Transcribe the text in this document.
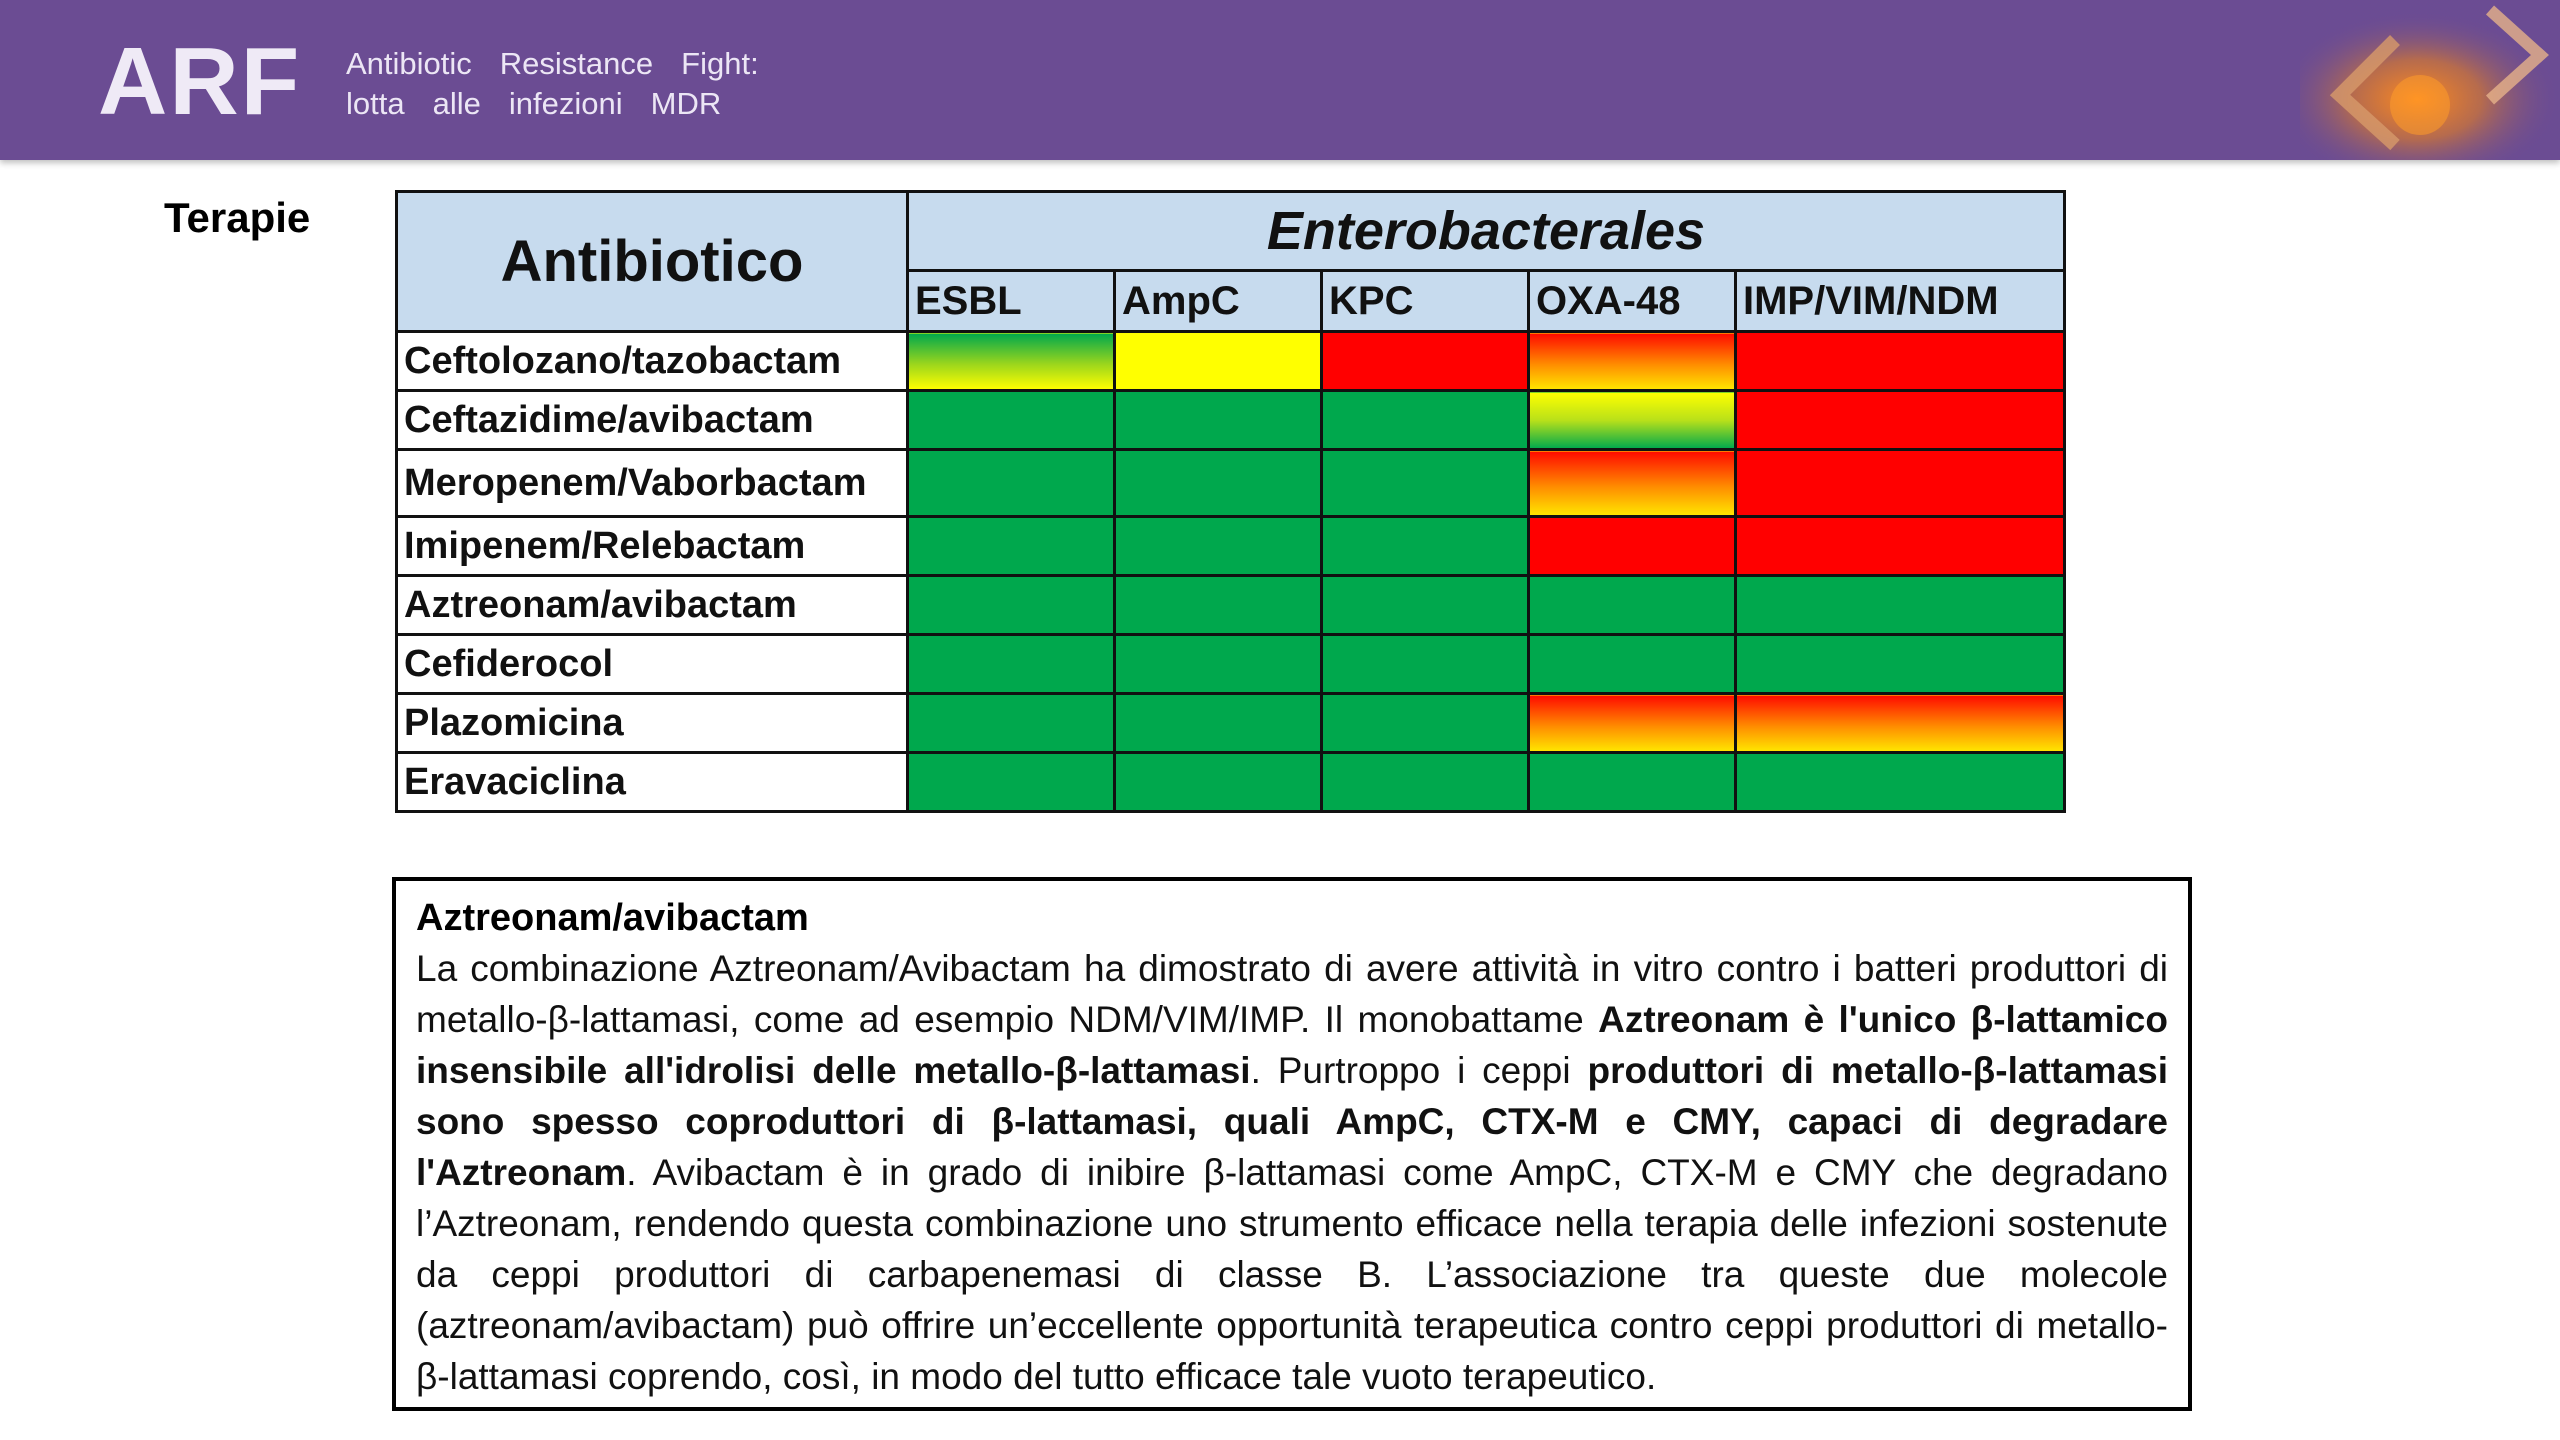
ARF Antibiotic Resistance Fight:
lotta alle infezioni MDR
Terapie
Antibiotico	Enterobacterales				
	ESBL	AmpC	KPC	OXA-48	IMP/VIM/NDM
Ceftolozano/tazobactam					
Ceftazidime/avibactam					
Meropenem/Vaborbactam					
Imipenem/Relebactam					
Aztreonam/avibactam					
Cefiderocol					
Plazomicina					
Eravaciclina					
Aztreonam/avibactam

La combinazione Aztreonam/Avibactam ha dimostrato di avere attività in vitro contro i batteri produttori di metallo-β-lattamasi, come ad esempio NDM/VIM/IMP. Il monobattame Aztreonam è l'unico β-lattamico insensibile all'idrolisi delle metallo-β-lattamasi. Purtroppo i ceppi produttori di metallo-β-lattamasi sono spesso coproduttori di β-lattamasi, quali AmpC, CTX-M e CMY, capaci di degradare l'Aztreonam. Avibactam è in grado di inibire β-lattamasi come AmpC, CTX-M e CMY che degradano l’Aztreonam, rendendo questa combinazione uno strumento efficace nella terapia delle infezioni sostenute da ceppi produttori di carbapenemasi di classe B. L’associazione tra queste due molecole (aztreonam/avibactam) può offrire un’eccellente opportunità terapeutica contro ceppi produttori di metallo-β-lattamasi coprendo, così, in modo del tutto efficace tale vuoto terapeutico.
